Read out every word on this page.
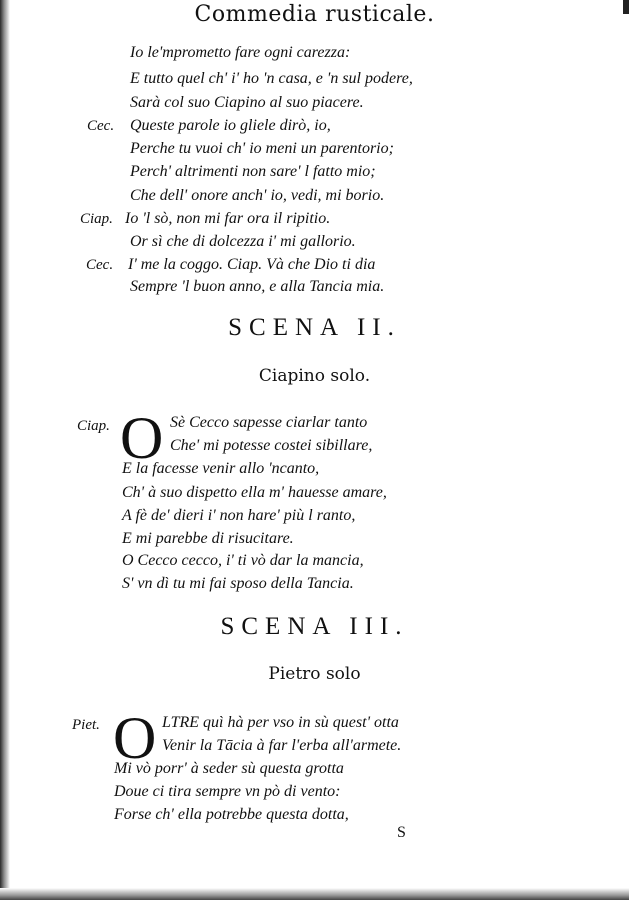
Commedia rusticale.
Io le'mprometto fare ogni carezza:
E tutto quel ch' i' ho 'n casa, e 'n sul podere,
Sarà col suo Ciapino al suo piacere.
Cec. Queste parole io gliele dirò, io,
Perche tu vuoi ch' io meni un parentorio;
Perch' altrimenti non sare' l fatto mio;
Che dell' onore anch' io, vedi, mi borio.
Ciap. Io 'l sò, non mi far ora il ripitio.
Or sì che di dolcezza i' mi gallorio.
Cec. I' me la coggo. Ciap. Và che Dio ti dia
Sempre 'l buon anno, e alla Tancia mia.
SCENA II.
Ciapino solo.
Ciap. O Sè Cecco sapesse ciarlar tanto
Che' mi potesse costei sibillare,
E la facesse venir allo 'ncanto,
Ch' à suo dispetto ella m' hauesse amare,
A fè de' dieri i' non hare' più l ranto,
E mi parebbe di risucitare.
O Cecco cecco, i' ti vò dar la mancia,
S' vn dì tu mi fai sposo della Tancia.
SCENA III.
Pietro solo
Piet. O LTRE quì hà per vso in sù quest' otta
Venir la Tācia à far l'erba all'armete.
Mi vò porr' à seder sù questa grotta
Doue ci tira sempre vn pò di vento:
Forse ch' ella potrebbe questa dotta,
S
